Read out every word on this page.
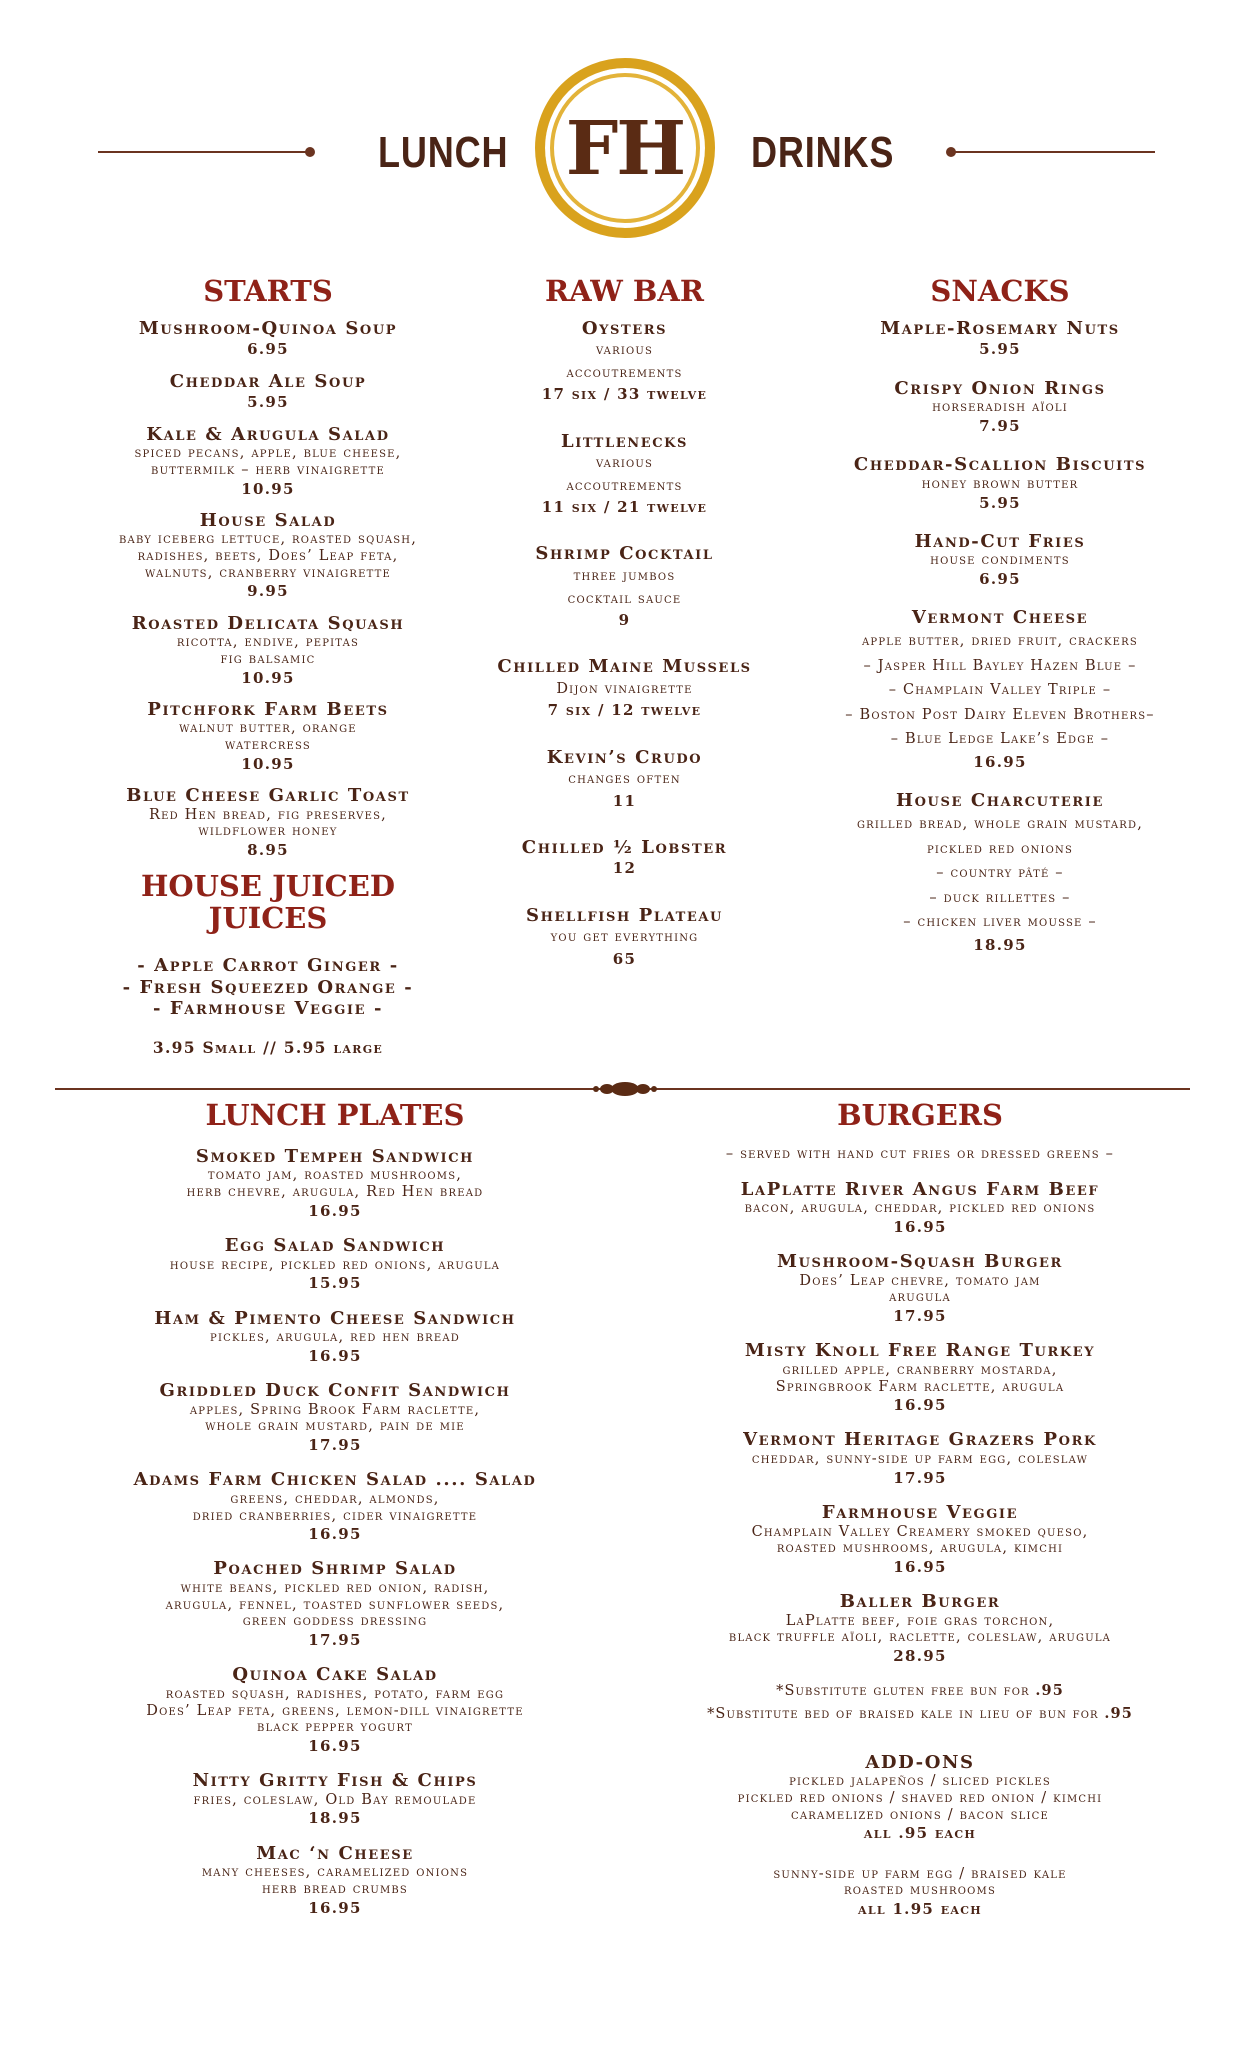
LUNCH FH	DRINKS
STARTS
Mushroom-Quinoa Soup
6.95
Cheddar Ale Soup
5.95
Kale & Arugula Salad
spiced pecans, apple, blue cheese,
buttermilk – herb vinaigrette
10.95
House Salad
baby iceberg lettuce, roasted squash,
radishes, beets, Does’ Leap feta,
walnuts, cranberry vinaigrette
9.95
Roasted Delicata Squash
ricotta, endive, pepitas
fig balsamic
10.95
Pitchfork Farm Beets
walnut butter, orange
watercress
10.95
Blue Cheese Garlic Toast
Red Hen bread, fig preserves,
wildflower honey
8.95
HOUSE JUICED
JUICES
- Apple Carrot Ginger -
- Fresh Squeezed Orange -
- Farmhouse Veggie -
3.95 Small // 5.95 large
RAW BAR
Oysters
various
accoutrements
17 six / 33 twelve
Littlenecks
various
accoutrements
11 six / 21 twelve
Shrimp Cocktail
three jumbos
cocktail sauce
9
Chilled Maine Mussels
Dijon vinaigrette
7 six / 12 twelve
Kevin’s Crudo
changes often
11
Chilled ½ Lobster
12
Shellfish Plateau
you get everything
65
SNACKS
Maple-Rosemary Nuts
5.95
Crispy Onion Rings
horseradish aïoli
7.95
Cheddar-Scallion Biscuits
honey brown butter
5.95
Hand-Cut Fries
house condiments
6.95
Vermont Cheese
apple butter, dried fruit, crackers
– Jasper Hill Bayley Hazen Blue –
– Champlain Valley Triple –
– Boston Post Dairy Eleven Brothers–
– Blue Ledge Lake’s Edge –
16.95
House Charcuterie
grilled bread, whole grain mustard,
pickled red onions
– country pâté –
– duck rillettes –
– chicken liver mousse –
18.95
LUNCH PLATES
Smoked Tempeh Sandwich
tomato jam, roasted mushrooms,
herb chevre, arugula, Red Hen bread
16.95
Egg Salad Sandwich
house recipe, pickled red onions, arugula
15.95
Ham & Pimento Cheese Sandwich
pickles, arugula, red hen bread
16.95
Griddled Duck Confit Sandwich
apples, Spring Brook Farm raclette,
whole grain mustard, pain de mie
17.95
Adams Farm Chicken Salad .... Salad
greens, cheddar, almonds,
dried cranberries, cider vinaigrette
16.95
Poached Shrimp Salad
white beans, pickled red onion, radish,
arugula, fennel, toasted sunflower seeds,
green goddess dressing
17.95
Quinoa Cake Salad
roasted squash, radishes, potato, farm egg
Does’ Leap feta, greens, lemon-dill vinaigrette
black pepper yogurt
16.95
Nitty Gritty Fish & Chips
fries, coleslaw, Old Bay remoulade
18.95
Mac ‘n Cheese
many cheeses, caramelized onions
herb bread crumbs
16.95
BURGERS
– served with hand cut fries or dressed greens –
LaPlatte River Angus Farm Beef
bacon, arugula, cheddar, pickled red onions
16.95
Mushroom-Squash Burger
Does’ Leap chevre, tomato jam
arugula
17.95
Misty Knoll Free Range Turkey
grilled apple, cranberry mostarda,
Springbrook Farm raclette, arugula
16.95
Vermont Heritage Grazers Pork
cheddar, sunny-side up farm egg, coleslaw
17.95
Farmhouse Veggie
Champlain Valley Creamery smoked queso,
roasted mushrooms, arugula, kimchi
16.95
Baller Burger
LaPlatte beef, foie gras torchon,
black truffle aïoli, raclette, coleslaw, arugula
28.95
*Substitute gluten free bun for .95
*Substitute bed of braised kale in lieu of bun for .95
ADD-ONS
pickled jalapeños / sliced pickles
pickled red onions / shaved red onion / kimchi
caramelized onions / bacon slice
all .95 each
sunny-side up farm egg / braised kale
roasted mushrooms
all 1.95 each
